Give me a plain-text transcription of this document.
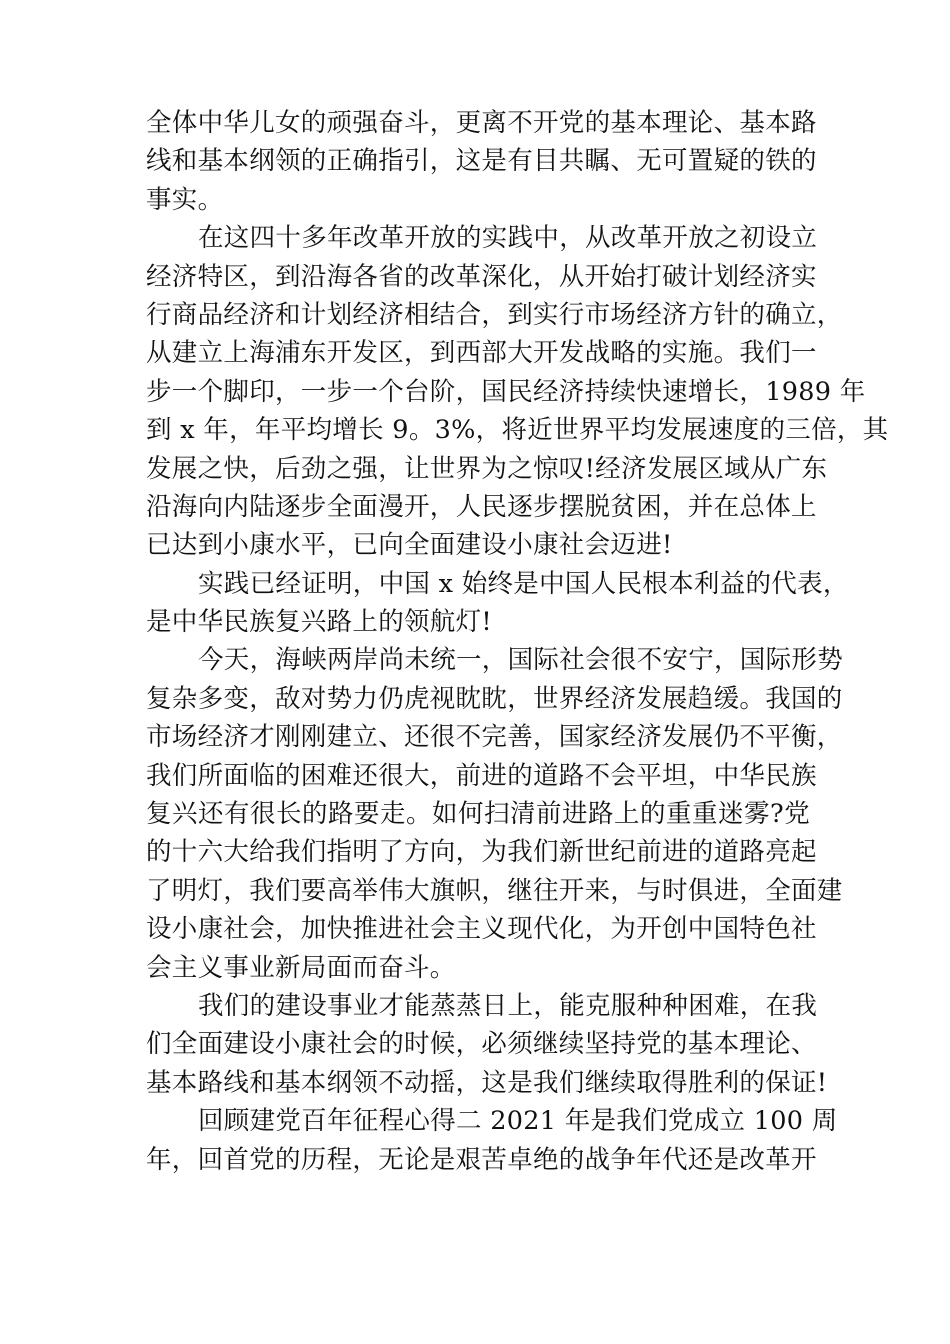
全体中华儿女的顽强奋斗，更离不开党的基本理论、基本路
线和基本纲领的正确指引，这是有目共瞩、无可置疑的铁的
事实。
在这四十多年改革开放的实践中，从改革开放之初设立
经济特区，到沿海各省的改革深化，从开始打破计划经济实
行商品经济和计划经济相结合，到实行市场经济方针的确立，
从建立上海浦东开发区，到西部大开发战略的实施。我们一
步一个脚印，一步一个台阶，国民经济持续快速增长，1989 年
到 x 年，年平均增长 9。3%，将近世界平均发展速度的三倍，其
发展之快，后劲之强，让世界为之惊叹!经济发展区域从广东
沿海向内陆逐步全面漫开，人民逐步摆脱贫困，并在总体上
已达到小康水平，已向全面建设小康社会迈进!
实践已经证明，中国 x 始终是中国人民根本利益的代表，
是中华民族复兴路上的领航灯!
今天，海峡两岸尚未统一，国际社会很不安宁，国际形势
复杂多变，敌对势力仍虎视眈眈，世界经济发展趋缓。我国的
市场经济才刚刚建立、还很不完善，国家经济发展仍不平衡，
我们所面临的困难还很大，前进的道路不会平坦，中华民族
复兴还有很长的路要走。如何扫清前进路上的重重迷雾?党
的十六大给我们指明了方向，为我们新世纪前进的道路亮起
了明灯，我们要高举伟大旗帜，继往开来，与时俱进，全面建
设小康社会，加快推进社会主义现代化，为开创中国特色社
会主义事业新局面而奋斗。
我们的建设事业才能蒸蒸日上，能克服种种困难，在我
们全面建设小康社会的时候，必须继续坚持党的基本理论、
基本路线和基本纲领不动摇，这是我们继续取得胜利的保证!
回顾建党百年征程心得二 2021 年是我们党成立 100 周
年，回首党的历程，无论是艰苦卓绝的战争年代还是改革开
